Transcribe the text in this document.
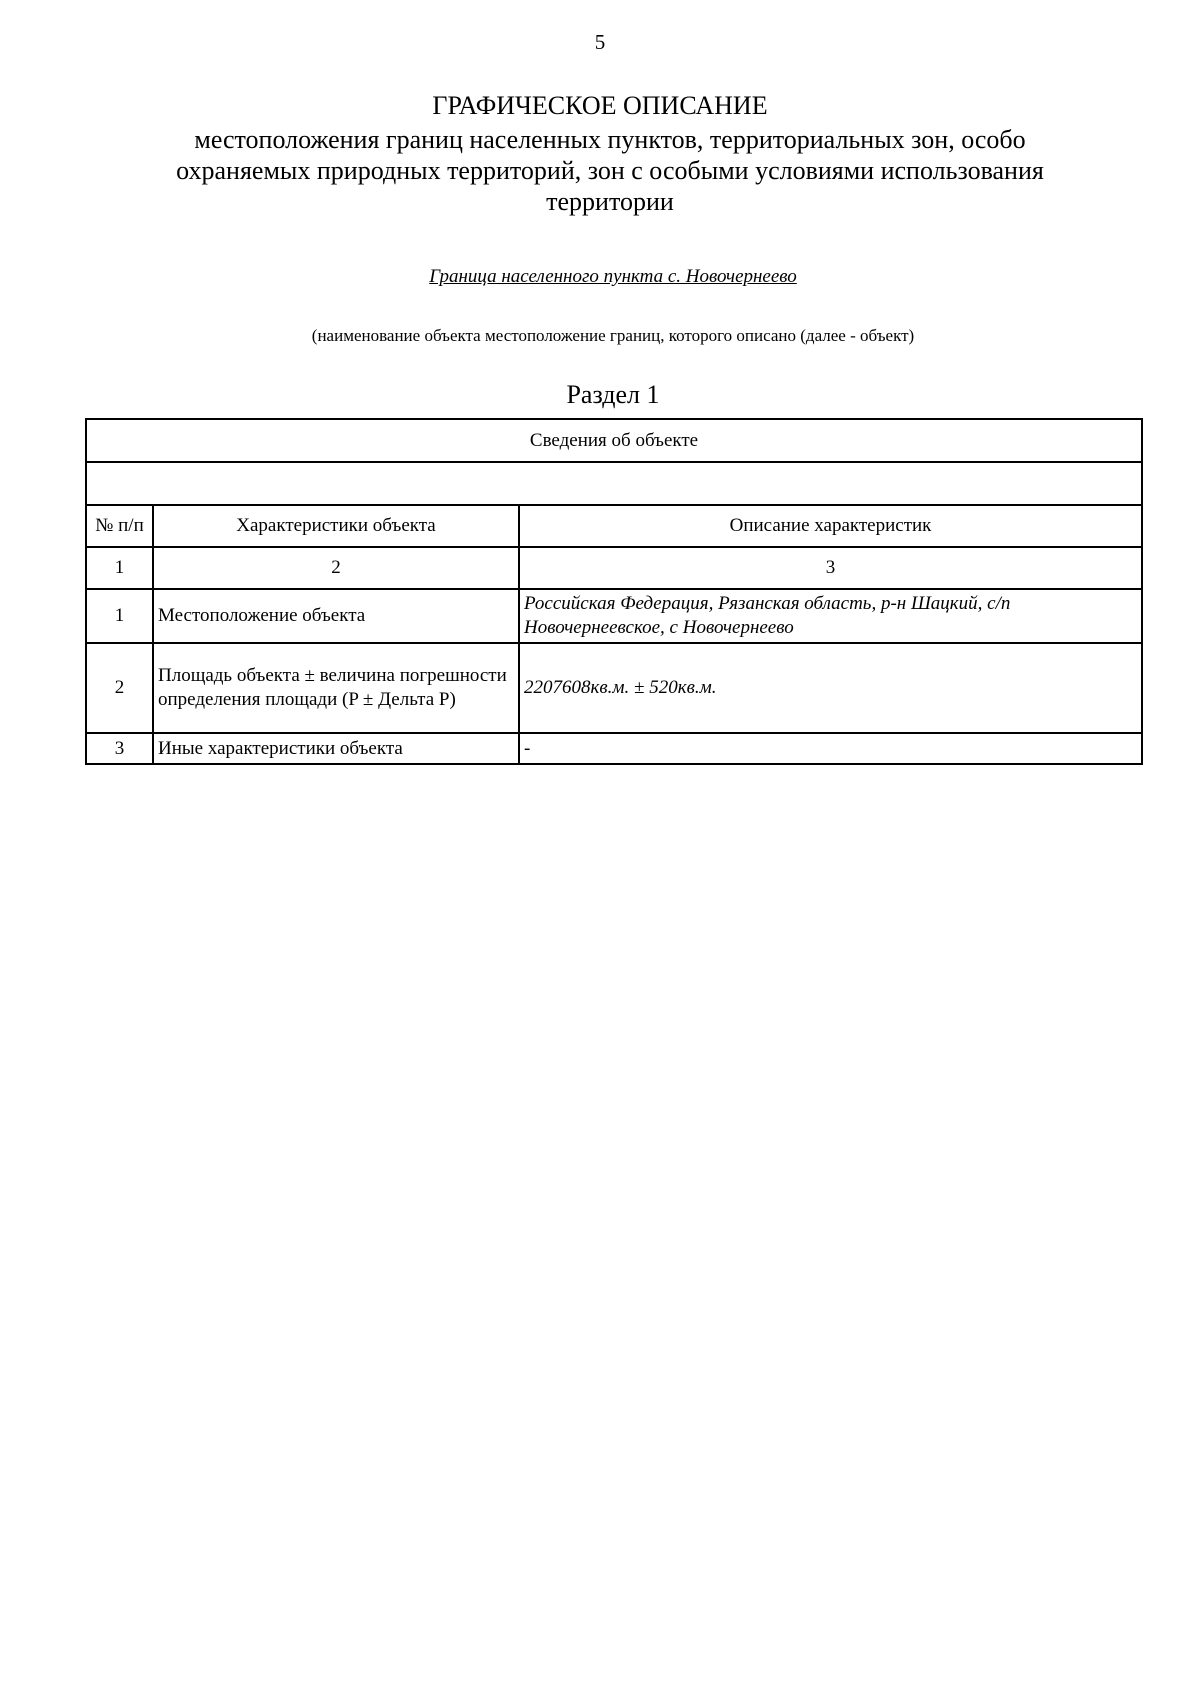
5
ГРАФИЧЕСКОЕ ОПИСАНИЕ
местоположения границ населенных пунктов, территориальных зон, особо охраняемых природных территорий, зон с особыми условиями использования территории
Граница населенного пункта с. Новочернеево
(наименование объекта местоположение границ, которого описано (далее - объект)
Раздел 1
Сведения об объекте		

№ п/п	Характеристики объекта	Описание характеристик
1	2	3
1	Местоположение объекта	Российская Федерация, Рязанская область, р-н Шацкий, с/п Новочернеевское, с Новочернеево
2	Площадь объекта ± величина погрешности определения площади (P ± Дельта P)	2207608кв.м. ± 520кв.м.
3	Иные характеристики объекта	-
